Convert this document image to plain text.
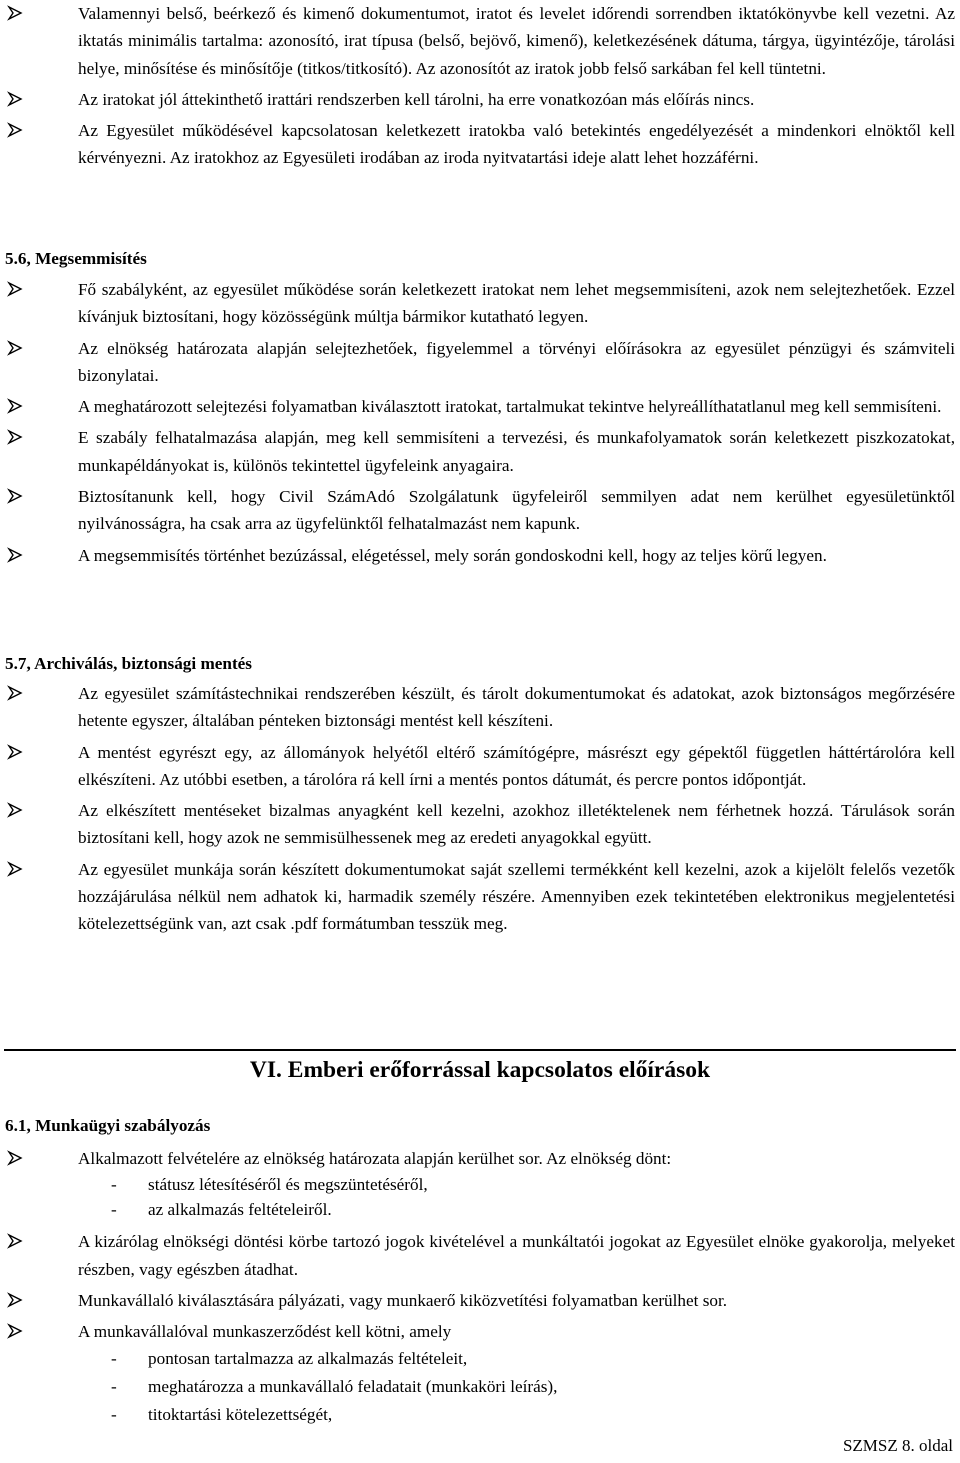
Valamennyi belső, beérkező és kimenő dokumentumot, iratot és levelet időrendi sorrendben iktatókönyvbe kell vezetni. Az iktatás minimális tartalma: azonosító, irat típusa (belső, bejövő, kimenő), keletkezésének dátuma, tárgya, ügyintézője, tárolási helye, minősítése és minősítője (titkos/titkosító). Az azonosítót az iratok jobb felső sarkában fel kell tüntetni.
Az iratokat jól áttekinthető irattári rendszerben kell tárolni, ha erre vonatkozóan más előírás nincs.
Az Egyesület működésével kapcsolatosan keletkezett iratokba való betekintés engedélyezését a mindenkori elnöktől kell kérvényezni. Az iratokhoz az Egyesületi irodában az iroda nyitvatartási ideje alatt lehet hozzáférni.
5.6, Megsemmisítés
Fő szabályként, az egyesület működése során keletkezett iratokat nem lehet megsemmisíteni, azok nem selejtezhetőek. Ezzel kívánjuk biztosítani, hogy közösségünk múltja bármikor kutatható legyen.
Az elnökség határozata alapján selejtezhetőek, figyelemmel a törvényi előírásokra az egyesület pénzügyi és számviteli bizonylatai.
A meghatározott selejtezési folyamatban kiválasztott iratokat, tartalmukat tekintve helyreállíthatatlanul meg kell semmisíteni.
E szabály felhatalmazása alapján, meg kell semmisíteni a tervezési, és munkafolyamatok során keletkezett piszkozatokat, munkapéldányokat is, különös tekintettel ügyfeleink anyagaira.
Biztosítanunk kell, hogy Civil SzámAdó Szolgálatunk ügyfeleiről semmilyen adat nem kerülhet egyesületünktől nyilvánosságra, ha csak arra az ügyfelünktől felhatalmazást nem kapunk.
A megsemmisítés történhet bezúzással, elégetéssel, mely során gondoskodni kell, hogy az teljes körű legyen.
5.7, Archiválás, biztonsági mentés
Az egyesület számítástechnikai rendszerében készült, és tárolt dokumentumokat és adatokat, azok biztonságos megőrzésére hetente egyszer, általában pénteken biztonsági mentést kell készíteni.
A mentést egyrészt egy, az állományok helyétől eltérő számítógépre, másrészt egy gépektől független háttértárolóra kell elkészíteni. Az utóbbi esetben, a tárolóra rá kell írni a mentés pontos dátumát, és percre pontos időpontját.
Az elkészített mentéseket bizalmas anyagként kell kezelni, azokhoz illetéktelenek nem férhetnek hozzá. Tárulások során biztosítani kell, hogy azok ne semmisülhessenek meg az eredeti anyagokkal együtt.
Az egyesület munkája során készített dokumentumokat saját szellemi termékként kell kezelni, azok a kijelölt felelős vezetők hozzájárulása nélkül nem adhatok ki, harmadik személy részére. Amennyiben ezek tekintetében elektronikus megjelentetési kötelezettségünk van, azt csak .pdf formátumban tesszük meg.
VI. Emberi erőforrással kapcsolatos előírások
6.1, Munkaügyi szabályozás
Alkalmazott felvételére az elnökség határozata alapján kerülhet sor. Az elnökség dönt:
- státusz létesítéséről és megszüntetéséről,
- az alkalmazás feltételeiről.
A kizárólag elnökségi döntési körbe tartozó jogok kivételével a munkáltatói jogokat az Egyesület elnöke gyakorolja, melyeket részben, vagy egészben átadhat.
Munkavállaló kiválasztására pályázati, vagy munkaerő kiközvetítési folyamatban kerülhet sor.
A munkavállalóval munkaszerződést kell kötni, amely
- pontosan tartalmazza az alkalmazás feltételeit,
- meghatározza a munkavállaló feladatait (munkaköri leírás),
- titoktartási kötelezettségét,
SZMSZ 8. oldal
